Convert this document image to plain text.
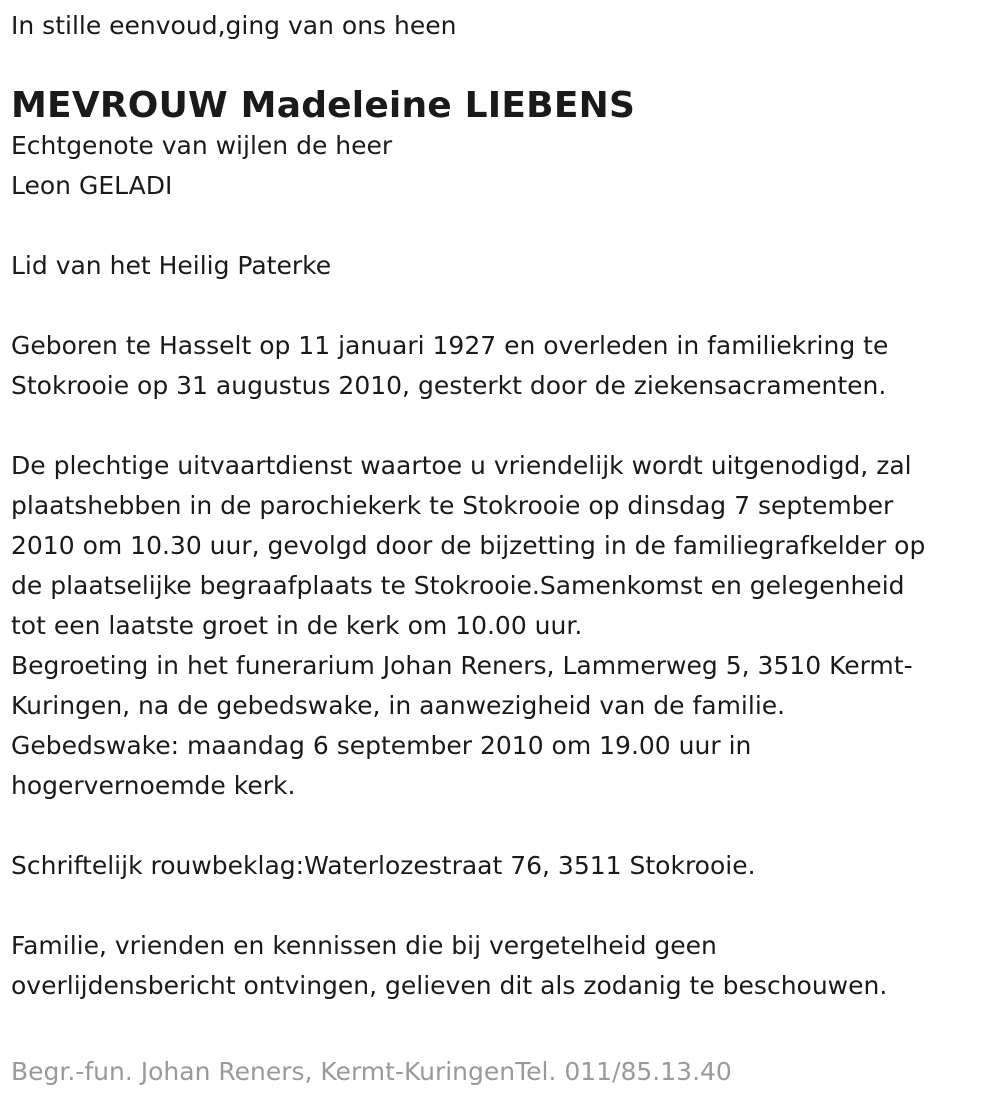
In stille eenvoud,ging van ons heen
MEVROUW Madeleine LIEBENS
Echtgenote van wijlen de heer
Leon GELADI
Lid van het Heilig Paterke
Geboren te Hasselt op 11 januari 1927 en overleden in familiekring te
Stokrooie op 31 augustus 2010, gesterkt door de ziekensacramenten.
De plechtige uitvaartdienst waartoe u vriendelijk wordt uitgenodigd, zal
plaatshebben in de parochiekerk te Stokrooie op dinsdag 7 september
2010 om 10.30 uur, gevolgd door de bijzetting in de familiegrafkelder op
de plaatselijke begraafplaats te Stokrooie.Samenkomst en gelegenheid
tot een laatste groet in de kerk om 10.00 uur.
Begroeting in het funerarium Johan Reners, Lammerweg 5, 3510 Kermt-
Kuringen, na de gebedswake, in aanwezigheid van de familie.
Gebedswake: maandag 6 september 2010 om 19.00 uur in
hogervernoemde kerk.
Schriftelijk rouwbeklag:Waterlozestraat 76, 3511 Stokrooie.
Familie, vrienden en kennissen die bij vergetelheid geen
overlijdensbericht ontvingen, gelieven dit als zodanig te beschouwen.
Begr.-fun. Johan Reners, Kermt-KuringenTel. 011/85.13.40
